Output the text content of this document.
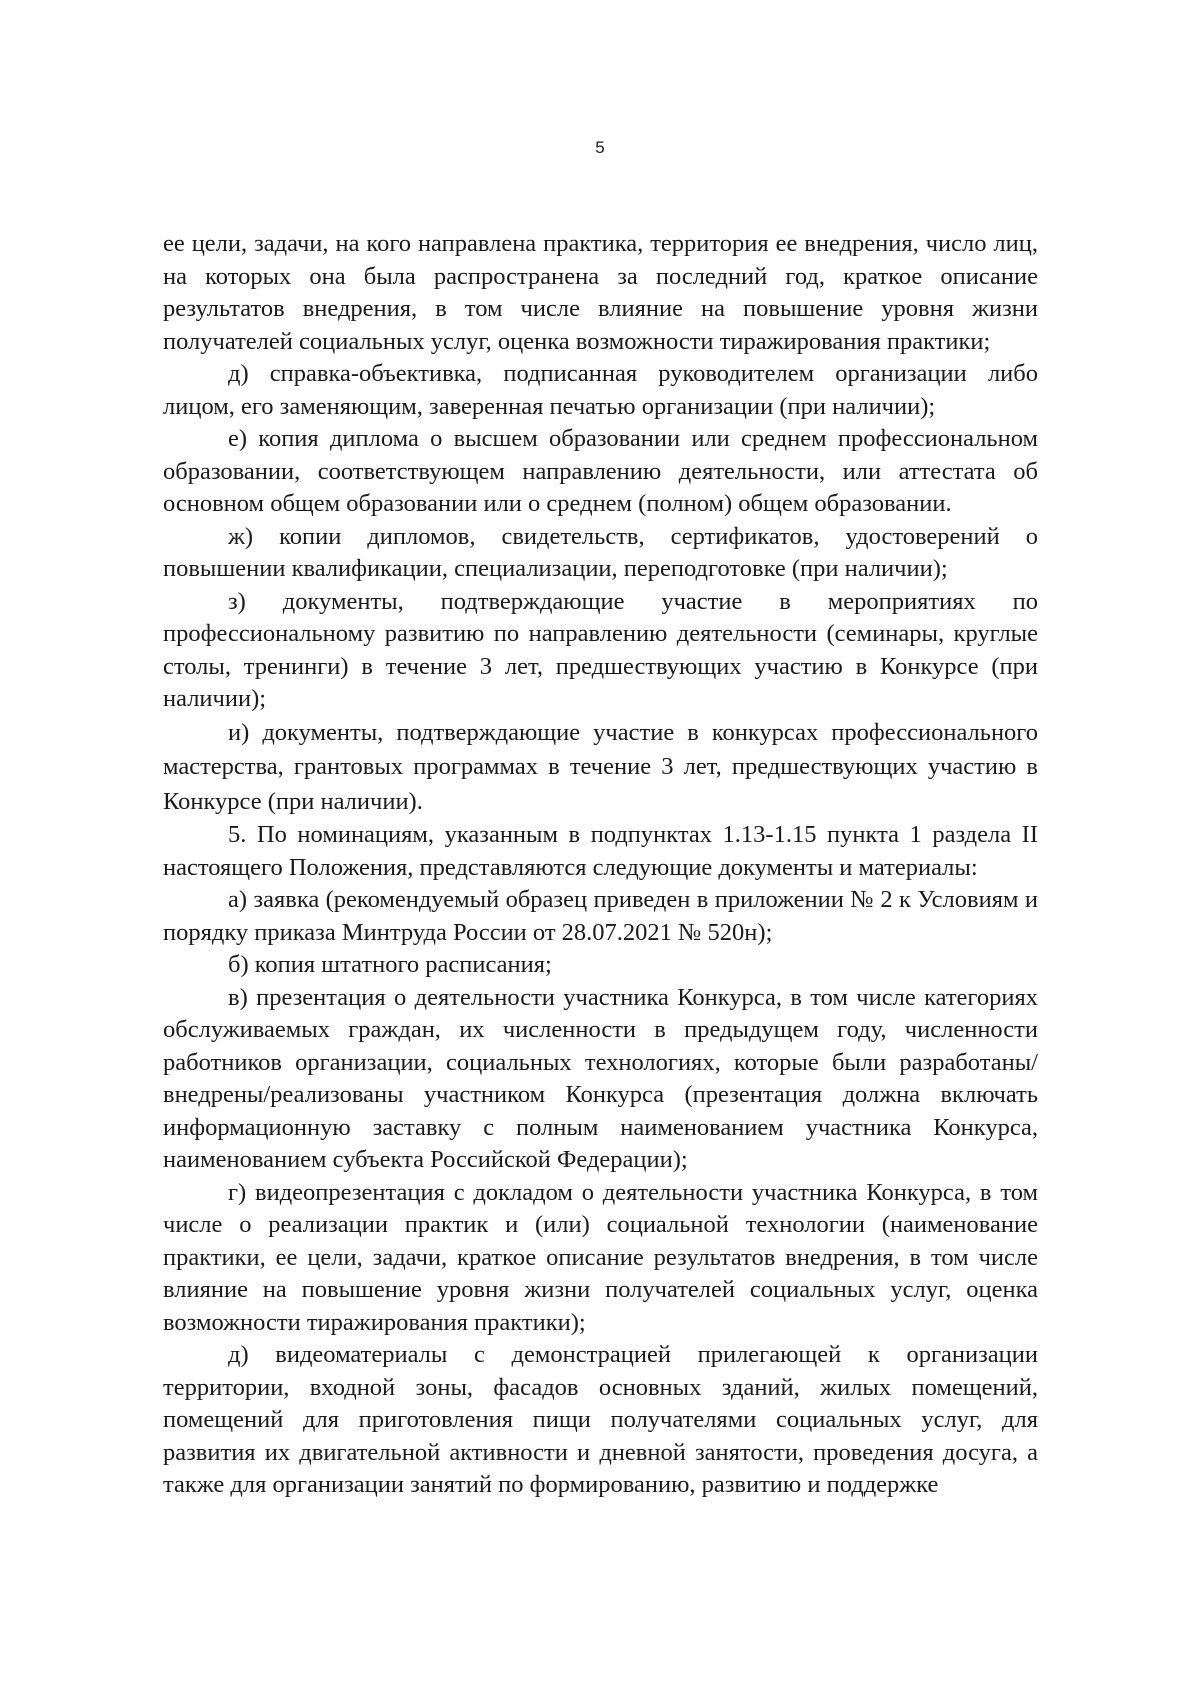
5

ее цели, задачи, на кого направлена практика, территория ее внедрения, число лиц, на которых она была распространена за последний год, краткое описание результатов внедрения, в том числе влияние на повышение уровня жизни получателей социальных услуг, оценка возможности тиражирования практики;

д) справка-объективка, подписанная руководителем организации либо лицом, его заменяющим, заверенная печатью организации (при наличии);

е) копия диплома о высшем образовании или среднем профессиональном образовании, соответствующем направлению деятельности, или аттестата об основном общем образовании или о среднем (полном) общем образовании.

ж) копии дипломов, свидетельств, сертификатов, удостоверений о повышении квалификации, специализации, переподготовке (при наличии);

з) документы, подтверждающие участие в мероприятиях по профессиональному развитию по направлению деятельности (семинары, круглые столы, тренинги) в течение 3 лет, предшествующих участию в Конкурсе (при наличии);

и) документы, подтверждающие участие в конкурсах профессионального мастерства, грантовых программах в течение 3 лет, предшествующих участию в Конкурсе (при наличии).

5. По номинациям, указанным в подпунктах 1.13-1.15 пункта 1 раздела II настоящего Положения, представляются следующие документы и материалы:

а) заявка (рекомендуемый образец приведен в приложении № 2 к Условиям и порядку приказа Минтруда России от 28.07.2021 № 520н);

б) копия штатного расписания;

в) презентация о деятельности участника Конкурса, в том числе категориях обслуживаемых граждан, их численности в предыдущем году, численности работников организации, социальных технологиях, которые были разработаны/внедрены/реализованы участником Конкурса (презентация должна включать информационную заставку с полным наименованием участника Конкурса, наименованием субъекта Российской Федерации);

г) видеопрезентация с докладом о деятельности участника Конкурса, в том числе о реализации практик и (или) социальной технологии (наименование практики, ее цели, задачи, краткое описание результатов внедрения, в том числе влияние на повышение уровня жизни получателей социальных услуг, оценка возможности тиражирования практики);

д) видеоматериалы с демонстрацией прилегающей к организации территории, входной зоны, фасадов основных зданий, жилых помещений, помещений для приготовления пищи получателями социальных услуг, для развития их двигательной активности и дневной занятости, проведения досуга, а также для организации занятий по формированию, развитию и поддержке
